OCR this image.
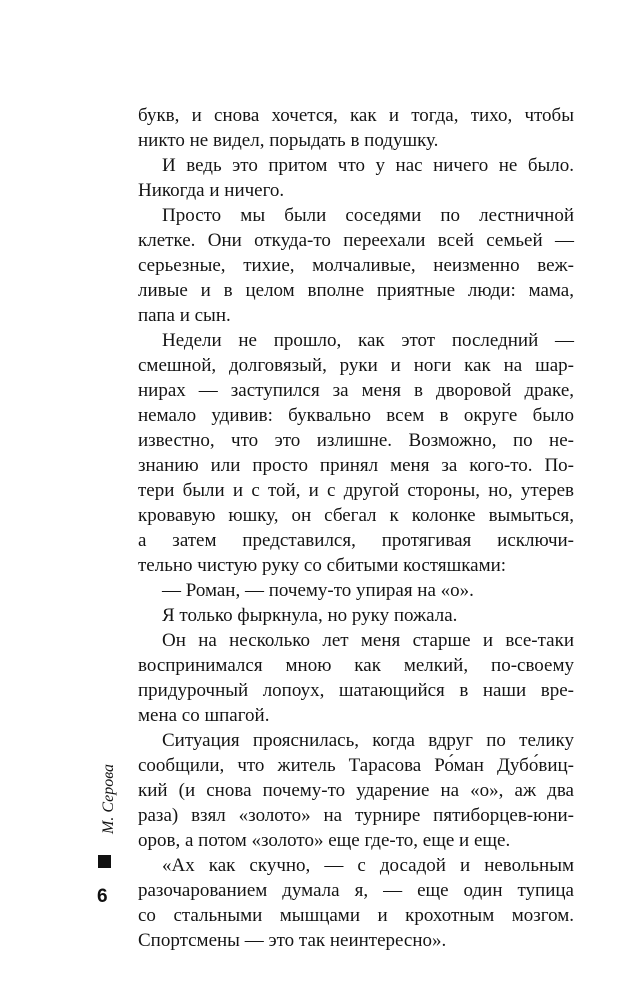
букв, и снова хочется, как и тогда, тихо, чтобы
никто не видел, порыдать в подушку.
И ведь это притом что у нас ничего не было.
Никогда и ничего.
Просто мы были соседями по лестничной
клетке. Они откуда-то переехали всей семьей —
серьезные, тихие, молчаливые, неизменно веж-
ливые и в целом вполне приятные люди: мама,
папа и сын.
Недели не прошло, как этот последний —
смешной, долговязый, руки и ноги как на шар-
нирах — заступился за меня в дворовой драке,
немало удивив: буквально всем в округе было
известно, что это излишне. Возможно, по не-
знанию или просто принял меня за кого-то. По-
тери были и с той, и с другой стороны, но, утерев
кровавую юшку, он сбегал к колонке вымыться,
а затем представился, протягивая исключи-
тельно чистую руку со сбитыми костяшками:
— Роман, — почему-то упирая на «о».
Я только фыркнула, но руку пожала.
Он на несколько лет меня старше и все-таки
воспринимался мною как мелкий, по-своему
придурочный лопоух, шатающийся в наши вре-
мена со шпагой.
Ситуация прояснилась, когда вдруг по телику
сообщили, что житель Тарасова Ро́ман Дубо́виц-
кий (и снова почему-то ударение на «о», аж два
раза) взял «золото» на турнире пятиборцев-юни-
оров, а потом «золото» еще где-то, еще и еще.
«Ах как скучно, — с досадой и невольным
разочарованием думала я, — еще один тупица
со стальными мышцами и крохотным мозгом.
Спортсмены — это так неинтересно».
М. Серова
6
